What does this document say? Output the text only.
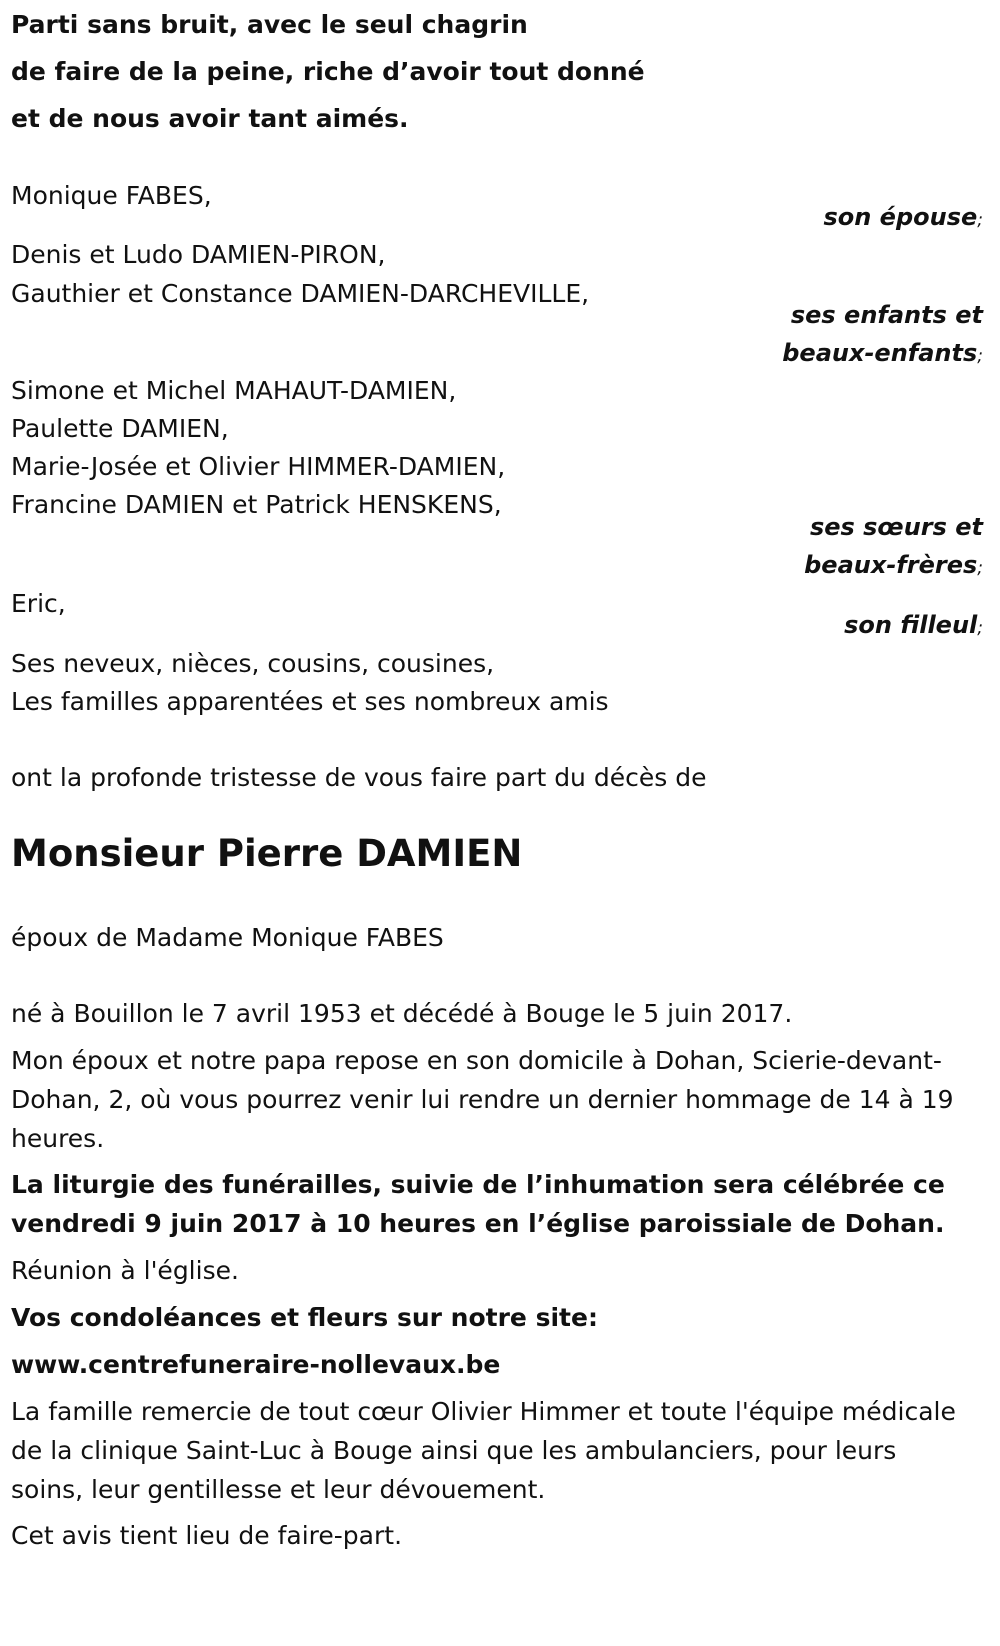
Parti sans bruit, avec le seul chagrin

de faire de la peine, riche d’avoir tout donné

et de nous avoir tant aimés.

Monique FABES,

son épouse;

Denis et Ludo DAMIEN-PIRON,

Gauthier et Constance DAMIEN-DARCHEVILLE,

ses enfants et

beaux-enfants;

Simone et Michel MAHAUT-DAMIEN,

Paulette DAMIEN,

Marie-Josée et Olivier HIMMER-DAMIEN,

Francine DAMIEN et Patrick HENSKENS,

ses sœurs et

beaux-frères;

Eric,

son filleul;

Ses neveux, nièces, cousins, cousines,

Les familles apparentées et ses nombreux amis

ont la profonde tristesse de vous faire part du décès de

Monsieur Pierre DAMIEN

époux de Madame Monique FABES

né à Bouillon le 7 avril 1953 et décédé à Bouge le 5 juin 2017.

Mon époux et notre papa repose en son domicile à Dohan, Scierie-devant-Dohan, 2, où vous pourrez venir lui rendre un dernier hommage de 14 à 19 heures.

La liturgie des funérailles, suivie de l’inhumation sera célébrée ce vendredi 9 juin 2017 à 10 heures en l’église paroissiale de Dohan.

Réunion à l'église.

Vos condoléances et fleurs sur notre site:

www.centrefuneraire-nollevaux.be

La famille remercie de tout cœur Olivier Himmer et toute l'équipe médicale de la clinique Saint-Luc à Bouge ainsi que les ambulanciers, pour leurs soins, leur gentillesse et leur dévouement.

Cet avis tient lieu de faire-part.
